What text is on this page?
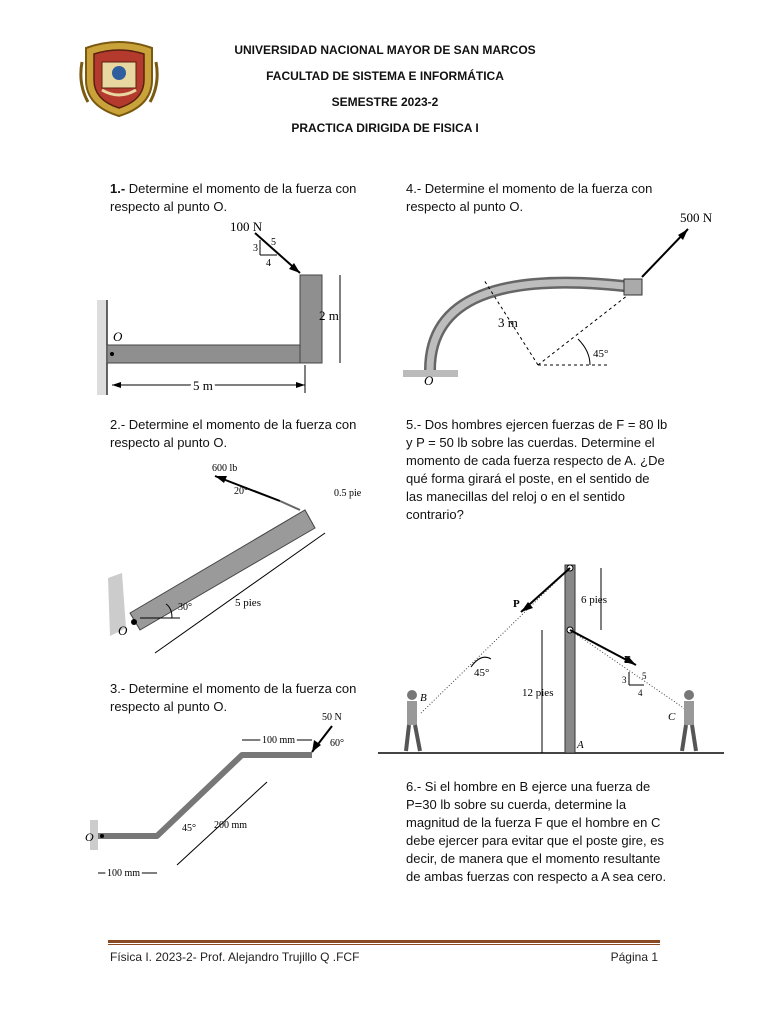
UNIVERSIDAD NACIONAL MAYOR DE SAN MARCOS
FACULTAD DE SISTEMA E INFORMÁTICA
SEMESTRE 2023-2
PRACTICA DIRIGIDA DE FISICA I
1.- Determine el momento de la fuerza con respecto al punto O.
O
100 N
3
5
4
2 m
5 m
2.- Determine el momento de la fuerza con respecto al punto O.
O
600 lb
20°	0.5 pie
5 pies
30°
3.- Determine el momento de la fuerza con respecto al punto O.
O
50 N
60°
100 mm
200 mm
45°
100 mm
4.- Determine el momento de la fuerza con respecto al punto O.
500 N
3 m
45°
O
5.- Dos hombres ejercen fuerzas de F = 80 lb y P = 50 lb sobre las cuerdas. Determine el momento de cada fuerza respecto de A. ¿De qué forma girará el poste, en el sentido de las manecillas del reloj o en el sentido contrario?
P
F
6 pies
12 pies
45°
3 5
4
B
A
C
6.- Si el hombre en B ejerce una fuerza de P=30 lb sobre su cuerda, determine la magnitud de la fuerza F que el hombre en C debe ejercer para evitar que el poste gire, es decir, de manera que el momento resultante de ambas fuerzas con respecto a A sea cero.
Física I. 2023-2- Prof. Alejandro Trujillo Q .FCF	Página 1
